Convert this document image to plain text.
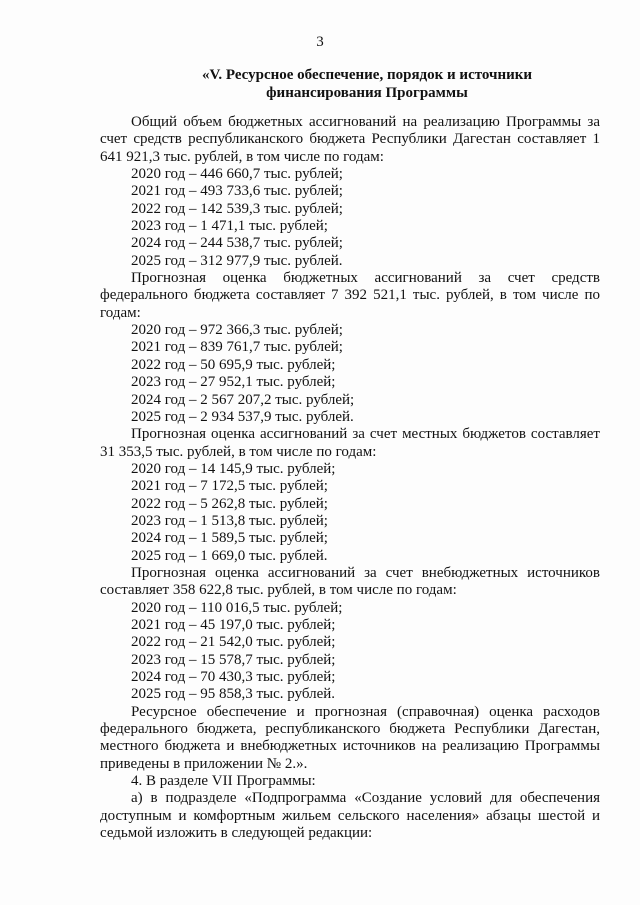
3
«V. Ресурсное обеспечение, порядок и источники
финансирования Программы

Общий объем бюджетных ассигнований на реализацию Программы за счет средств республиканского бюджета Республики Дагестан составляет 1 641 921,3 тыс. рублей, в том числе по годам:

2020 год – 446 660,7 тыс. рублей;

2021 год – 493 733,6 тыс. рублей;

2022 год – 142 539,3 тыс. рублей;

2023 год – 1 471,1 тыс. рублей;

2024 год – 244 538,7 тыс. рублей;

2025 год – 312 977,9 тыс. рублей.

Прогнозная оценка бюджетных ассигнований за счет средств федерального бюджета составляет 7 392 521,1 тыс. рублей, в том числе по годам:

2020 год – 972 366,3 тыс. рублей;

2021 год – 839 761,7 тыс. рублей;

2022 год – 50 695,9 тыс. рублей;

2023 год – 27 952,1 тыс. рублей;

2024 год – 2 567 207,2 тыс. рублей;

2025 год – 2 934 537,9 тыс. рублей.

Прогнозная оценка ассигнований за счет местных бюджетов составляет 31 353,5 тыс. рублей, в том числе по годам:

2020 год – 14 145,9 тыс. рублей;

2021 год – 7 172,5 тыс. рублей;

2022 год – 5 262,8 тыс. рублей;

2023 год – 1 513,8 тыс. рублей;

2024 год – 1 589,5 тыс. рублей;

2025 год – 1 669,0 тыс. рублей.

Прогнозная оценка ассигнований за счет внебюджетных источников составляет 358 622,8 тыс. рублей, в том числе по годам:

2020 год – 110 016,5 тыс. рублей;

2021 год – 45 197,0 тыс. рублей;

2022 год – 21 542,0 тыс. рублей;

2023 год – 15 578,7 тыс. рублей;

2024 год – 70 430,3 тыс. рублей;

2025 год – 95 858,3 тыс. рублей.

Ресурсное обеспечение и прогнозная (справочная) оценка расходов федерального бюджета, республиканского бюджета Республики Дагестан, местного бюджета и внебюджетных источников на реализацию Программы приведены в приложении № 2.».

4. В разделе VII Программы:

а) в подразделе «Подпрограмма «Создание условий для обеспечения доступным и комфортным жильем сельского населения» абзацы шестой и седьмой изложить в следующей редакции:
